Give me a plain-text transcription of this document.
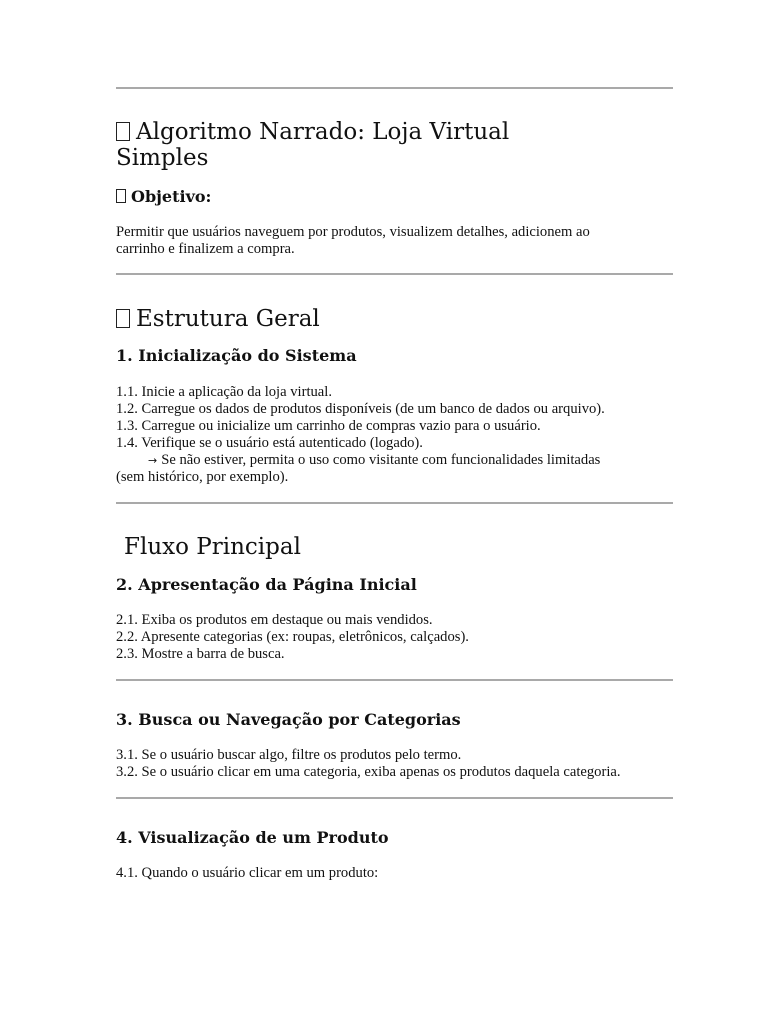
Algoritmo Narrado: Loja Virtual
Simples
Objetivo:
Permitir que usuários naveguem por produtos, visualizem detalhes, adicionem ao
carrinho e finalizem a compra.
Estrutura Geral
1. Inicialização do Sistema
1.1. Inicie a aplicação da loja virtual.
1.2. Carregue os dados de produtos disponíveis (de um banco de dados ou arquivo).
1.3. Carregue ou inicialize um carrinho de compras vazio para o usuário.
1.4. Verifique se o usuário está autenticado (logado).
→ Se não estiver, permita o uso como visitante com funcionalidades limitadas
(sem histórico, por exemplo).
Fluxo Principal
2. Apresentação da Página Inicial
2.1. Exiba os produtos em destaque ou mais vendidos.
2.2. Apresente categorias (ex: roupas, eletrônicos, calçados).
2.3. Mostre a barra de busca.
3. Busca ou Navegação por Categorias
3.1. Se o usuário buscar algo, filtre os produtos pelo termo.
3.2. Se o usuário clicar em uma categoria, exiba apenas os produtos daquela categoria.
4. Visualização de um Produto
4.1. Quando o usuário clicar em um produto:
